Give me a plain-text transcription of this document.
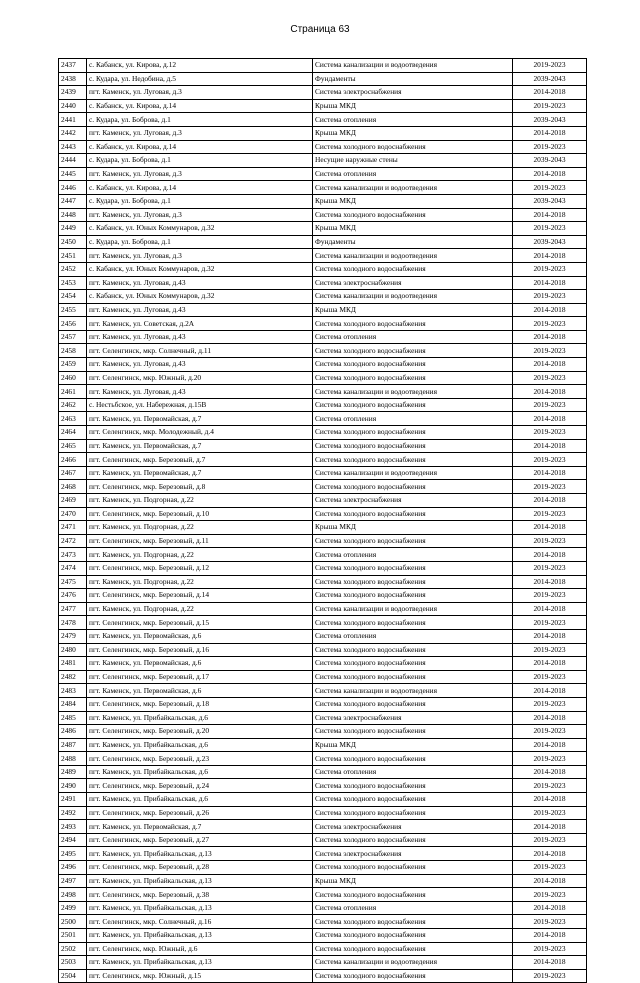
Страница 63
2437	с. Кабанск, ул. Кирова, д.12	Система канализации и водоотведения	2019-2023
2438	с. Кудара, ул. Недобина, д.5	Фундаменты	2039-2043
2439	пгт. Каменск, ул. Луговая, д.3	Система электроснабжения	2014-2018
2440	с. Кабанск, ул. Кирова, д.14	Крыша МКД	2019-2023
2441	с. Кудара, ул. Боброва, д.1	Система отопления	2039-2043
2442	пгт. Каменск, ул. Луговая, д.3	Крыша МКД	2014-2018
2443	с. Кабанск, ул. Кирова, д.14	Система холодного водоснабжения	2019-2023
2444	с. Кудара, ул. Боброва, д.1	Несущие наружные стены	2039-2043
2445	пгт. Каменск, ул. Луговая, д.3	Система отопления	2014-2018
2446	с. Кабанск, ул. Кирова, д.14	Система канализации и водоотведения	2019-2023
2447	с. Кудара, ул. Боброва, д.1	Крыша МКД	2039-2043
2448	пгт. Каменск, ул. Луговая, д.3	Система холодного водоснабжения	2014-2018
2449	с. Кабанск, ул. Юных Коммунаров, д.32	Крыша МКД	2019-2023
2450	с. Кудара, ул. Боброва, д.1	Фундаменты	2039-2043
2451	пгт. Каменск, ул. Луговая, д.3	Система канализации и водоотведения	2014-2018
2452	с. Кабанск, ул. Юных Коммунаров, д.32	Система холодного водоснабжения	2019-2023
2453	пгт. Каменск, ул. Луговая, д.43	Система электроснабжения	2014-2018
2454	с. Кабанск, ул. Юных Коммунаров, д.32	Система канализации и водоотведения	2019-2023
2455	пгт. Каменск, ул. Луговая, д.43	Крыша МКД	2014-2018
2456	пгт. Каменск, ул. Советская, д.2А	Система холодного водоснабжения	2019-2023
2457	пгт. Каменск, ул. Луговая, д.43	Система отопления	2014-2018
2458	пгт. Селенгинск, мкр. Солнечный, д.11	Система холодного водоснабжения	2019-2023
2459	пгт. Каменск, ул. Луговая, д.43	Система холодного водоснабжения	2014-2018
2460	пгт. Селенгинск, мкр. Южный, д.20	Система холодного водоснабжения	2019-2023
2461	пгт. Каменск, ул. Луговая, д.43	Система канализации и водоотведения	2014-2018
2462	с. Нестьбское, ул. Набережная, д.15В	Система холодного водоснабжения	2019-2023
2463	пгт. Каменск, ул. Первомайская, д.7	Система отопления	2014-2018
2464	пгт. Селенгинск, мкр. Молодежный, д.4	Система холодного водоснабжения	2019-2023
2465	пгт. Каменск, ул. Первомайская, д.7	Система холодного водоснабжения	2014-2018
2466	пгт. Селенгинск, мкр. Березовый, д.7	Система холодного водоснабжения	2019-2023
2467	пгт. Каменск, ул. Первомайская, д.7	Система канализации и водоотведения	2014-2018
2468	пгт. Селенгинск, мкр. Березовый, д.8	Система холодного водоснабжения	2019-2023
2469	пгт. Каменск, ул. Подгорная, д.22	Система электроснабжения	2014-2018
2470	пгт. Селенгинск, мкр. Березовый, д.10	Система холодного водоснабжения	2019-2023
2471	пгт. Каменск, ул. Подгорная, д.22	Крыша МКД	2014-2018
2472	пгт. Селенгинск, мкр. Березовый, д.11	Система холодного водоснабжения	2019-2023
2473	пгт. Каменск, ул. Подгорная, д.22	Система отопления	2014-2018
2474	пгт. Селенгинск, мкр. Березовый, д.12	Система холодного водоснабжения	2019-2023
2475	пгт. Каменск, ул. Подгорная, д.22	Система холодного водоснабжения	2014-2018
2476	пгт. Селенгинск, мкр. Березовый, д.14	Система холодного водоснабжения	2019-2023
2477	пгт. Каменск, ул. Подгорная, д.22	Система канализации и водоотведения	2014-2018
2478	пгт. Селенгинск, мкр. Березовый, д.15	Система холодного водоснабжения	2019-2023
2479	пгт. Каменск, ул. Первомайская, д.6	Система отопления	2014-2018
2480	пгт. Селенгинск, мкр. Березовый, д.16	Система холодного водоснабжения	2019-2023
2481	пгт. Каменск, ул. Первомайская, д.6	Система холодного водоснабжения	2014-2018
2482	пгт. Селенгинск, мкр. Березовый, д.17	Система холодного водоснабжения	2019-2023
2483	пгт. Каменск, ул. Первомайская, д.6	Система канализации и водоотведения	2014-2018
2484	пгт. Селенгинск, мкр. Березовый, д.18	Система холодного водоснабжения	2019-2023
2485	пгт. Каменск, ул. Прибайкальская, д.6	Система электроснабжения	2014-2018
2486	пгт. Селенгинск, мкр. Березовый, д.20	Система холодного водоснабжения	2019-2023
2487	пгт. Каменск, ул. Прибайкальская, д.6	Крыша МКД	2014-2018
2488	пгт. Селенгинск, мкр. Березовый, д.23	Система холодного водоснабжения	2019-2023
2489	пгт. Каменск, ул. Прибайкальская, д.6	Система отопления	2014-2018
2490	пгт. Селенгинск, мкр. Березовый, д.24	Система холодного водоснабжения	2019-2023
2491	пгт. Каменск, ул. Прибайкальская, д.6	Система холодного водоснабжения	2014-2018
2492	пгт. Селенгинск, мкр. Березовый, д.26	Система холодного водоснабжения	2019-2023
2493	пгт. Каменск, ул. Первомайская, д.7	Система электроснабжения	2014-2018
2494	пгт. Селенгинск, мкр. Березовый, д.27	Система холодного водоснабжения	2019-2023
2495	пгт. Каменск, ул. Прибайкальская, д.13	Система электроснабжения	2014-2018
2496	пгт. Селенгинск, мкр. Березовый, д.28	Система холодного водоснабжения	2019-2023
2497	пгт. Каменск, ул. Прибайкальская, д.13	Крыша МКД	2014-2018
2498	пгт. Селенгинск, мкр. Березовый, д.38	Система холодного водоснабжения	2019-2023
2499	пгт. Каменск, ул. Прибайкальская, д.13	Система отопления	2014-2018
2500	пгт. Селенгинск, мкр. Солнечный, д.16	Система холодного водоснабжения	2019-2023
2501	пгт. Каменск, ул. Прибайкальская, д.13	Система холодного водоснабжения	2014-2018
2502	пгт. Селенгинск, мкр. Южный, д.6	Система холодного водоснабжения	2019-2023
2503	пгт. Каменск, ул. Прибайкальская, д.13	Система канализации и водоотведения	2014-2018
2504	пгт. Селенгинск, мкр. Южный, д.15	Система холодного водоснабжения	2019-2023
